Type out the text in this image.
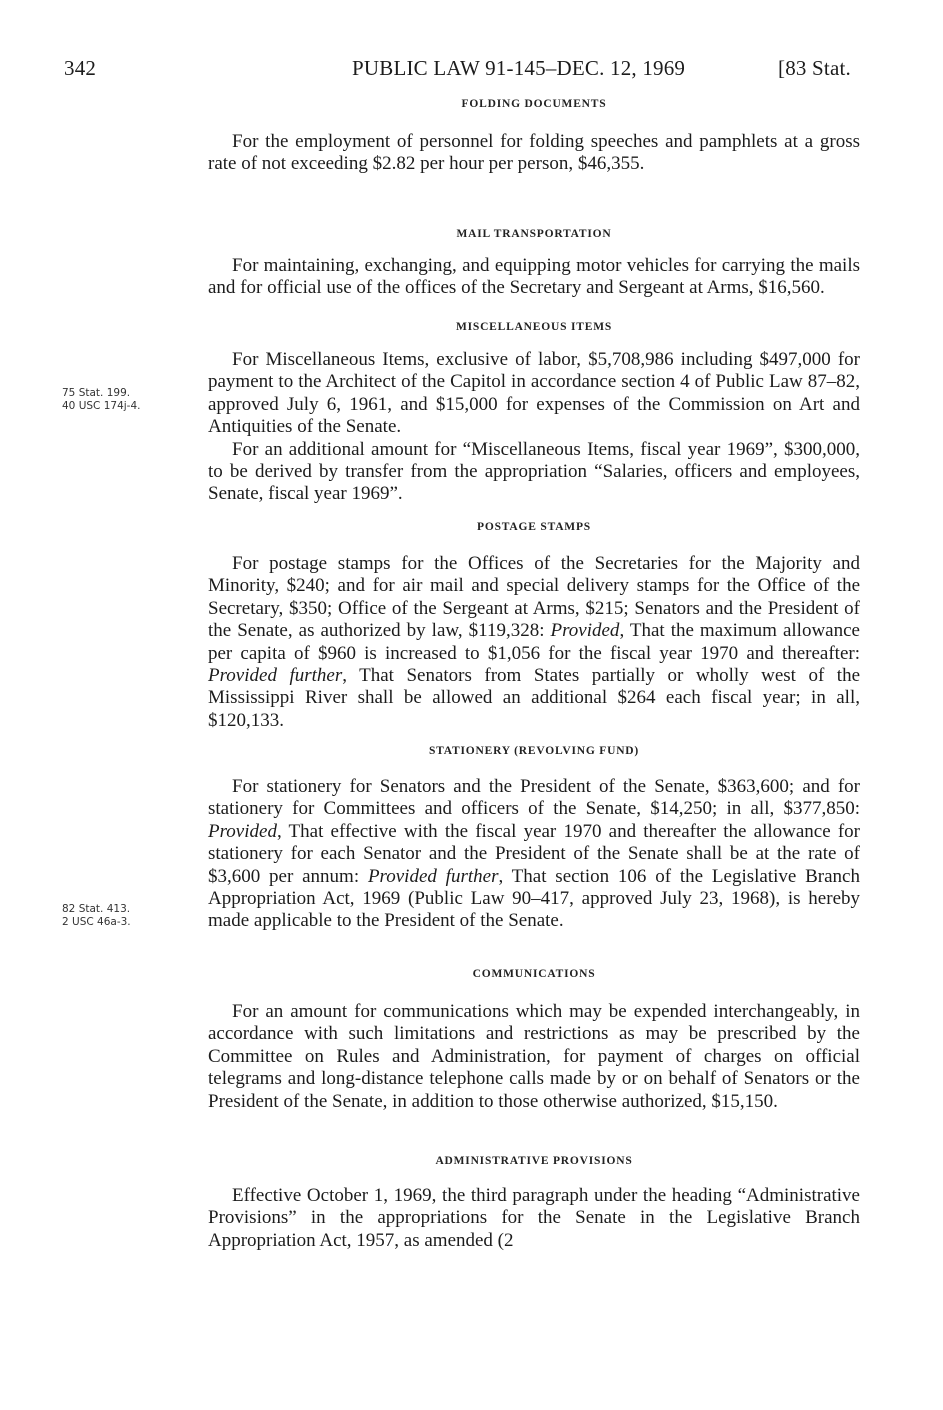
342	PUBLIC LAW 91-145–DEC. 12, 1969	[83 Stat.
FOLDING DOCUMENTS

For the employment of personnel for folding speeches and pamphlets at a gross rate of not exceeding $2.82 per hour per person, $46,355.

MAIL TRANSPORTATION

For maintaining, exchanging, and equipping motor vehicles for carrying the mails and for official use of the offices of the Secretary and Sergeant at Arms, $16,560.

MISCELLANEOUS ITEMS

For Miscellaneous Items, exclusive of labor, $5,708,986 including $497,000 for payment to the Architect of the Capitol in accordance section 4 of Public Law 87–82, approved July 6, 1961, and $15,000 for expenses of the Commission on Art and Antiquities of the Senate.

For an additional amount for “Miscellaneous Items, fiscal year 1969”, $300,000, to be derived by transfer from the appropriation “Salaries, officers and employees, Senate, fiscal year 1969”.

75 Stat. 199.
40 USC 174j-4.
POSTAGE STAMPS

For postage stamps for the Offices of the Secretaries for the Majority and Minority, $240; and for air mail and special delivery stamps for the Office of the Secretary, $350; Office of the Sergeant at Arms, $215; Senators and the President of the Senate, as authorized by law, $119,328: Provided, That the maximum allowance per capita of $960 is increased to $1,056 for the fiscal year 1970 and thereafter: Provided further, That Senators from States partially or wholly west of the Mississippi River shall be allowed an additional $264 each fiscal year; in all, $120,133.

STATIONERY (REVOLVING FUND)

For stationery for Senators and the President of the Senate, $363,600; and for stationery for Committees and officers of the Senate, $14,250; in all, $377,850: Provided, That effective with the fiscal year 1970 and thereafter the allowance for stationery for each Senator and the President of the Senate shall be at the rate of $3,600 per annum: Provided further, That section 106 of the Legislative Branch Appropriation Act, 1969 (Public Law 90–417, approved July 23, 1968), is hereby made applicable to the President of the Senate.

82 Stat. 413.
2 USC 46a-3.
COMMUNICATIONS

For an amount for communications which may be expended interchangeably, in accordance with such limitations and restrictions as may be prescribed by the Committee on Rules and Administration, for payment of charges on official telegrams and long-distance telephone calls made by or on behalf of Senators or the President of the Senate, in addition to those otherwise authorized, $15,150.

ADMINISTRATIVE PROVISIONS

Effective October 1, 1969, the third paragraph under the heading “Administrative Provisions” in the appropriations for the Senate in the Legislative Branch Appropriation Act, 1957, as amended (2
